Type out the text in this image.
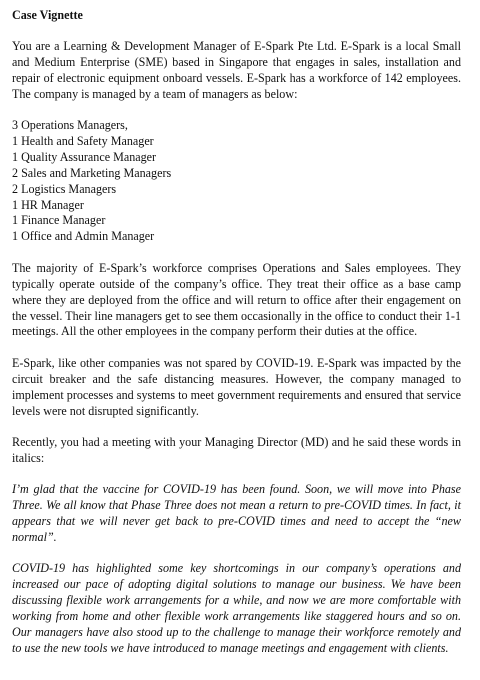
Case Vignette

You are a Learning & Development Manager of E-Spark Pte Ltd. E-Spark is a local Small and Medium Enterprise (SME) based in Singapore that engages in sales, installation and repair of electronic equipment onboard vessels. E-Spark has a workforce of 142 employees. The company is managed by a team of managers as below:

3 Operations Managers,
1 Health and Safety Manager
1 Quality Assurance Manager
2 Sales and Marketing Managers
2 Logistics Managers
1 HR Manager
1 Finance Manager
1 Office and Admin Manager

The majority of E-Spark’s workforce comprises Operations and Sales employees. They typically operate outside of the company’s office. They treat their office as a base camp where they are deployed from the office and will return to office after their engagement on the vessel. Their line managers get to see them occasionally in the office to conduct their 1-1 meetings. All the other employees in the company perform their duties at the office.

E-Spark, like other companies was not spared by COVID-19. E-Spark was impacted by the circuit breaker and the safe distancing measures. However, the company managed to implement processes and systems to meet government requirements and ensured that service levels were not disrupted significantly.

Recently, you had a meeting with your Managing Director (MD) and he said these words in italics:

I’m glad that the vaccine for COVID-19 has been found. Soon, we will move into Phase Three. We all know that Phase Three does not mean a return to pre-COVID times. In fact, it appears that we will never get back to pre-COVID times and need to accept the “new normal”.

COVID-19 has highlighted some key shortcomings in our company’s operations and increased our pace of adopting digital solutions to manage our business. We have been discussing flexible work arrangements for a while, and now we are more comfortable with working from home and other flexible work arrangements like staggered hours and so on. Our managers have also stood up to the challenge to manage their workforce remotely and to use the new tools we have introduced to manage meetings and engagement with clients.
